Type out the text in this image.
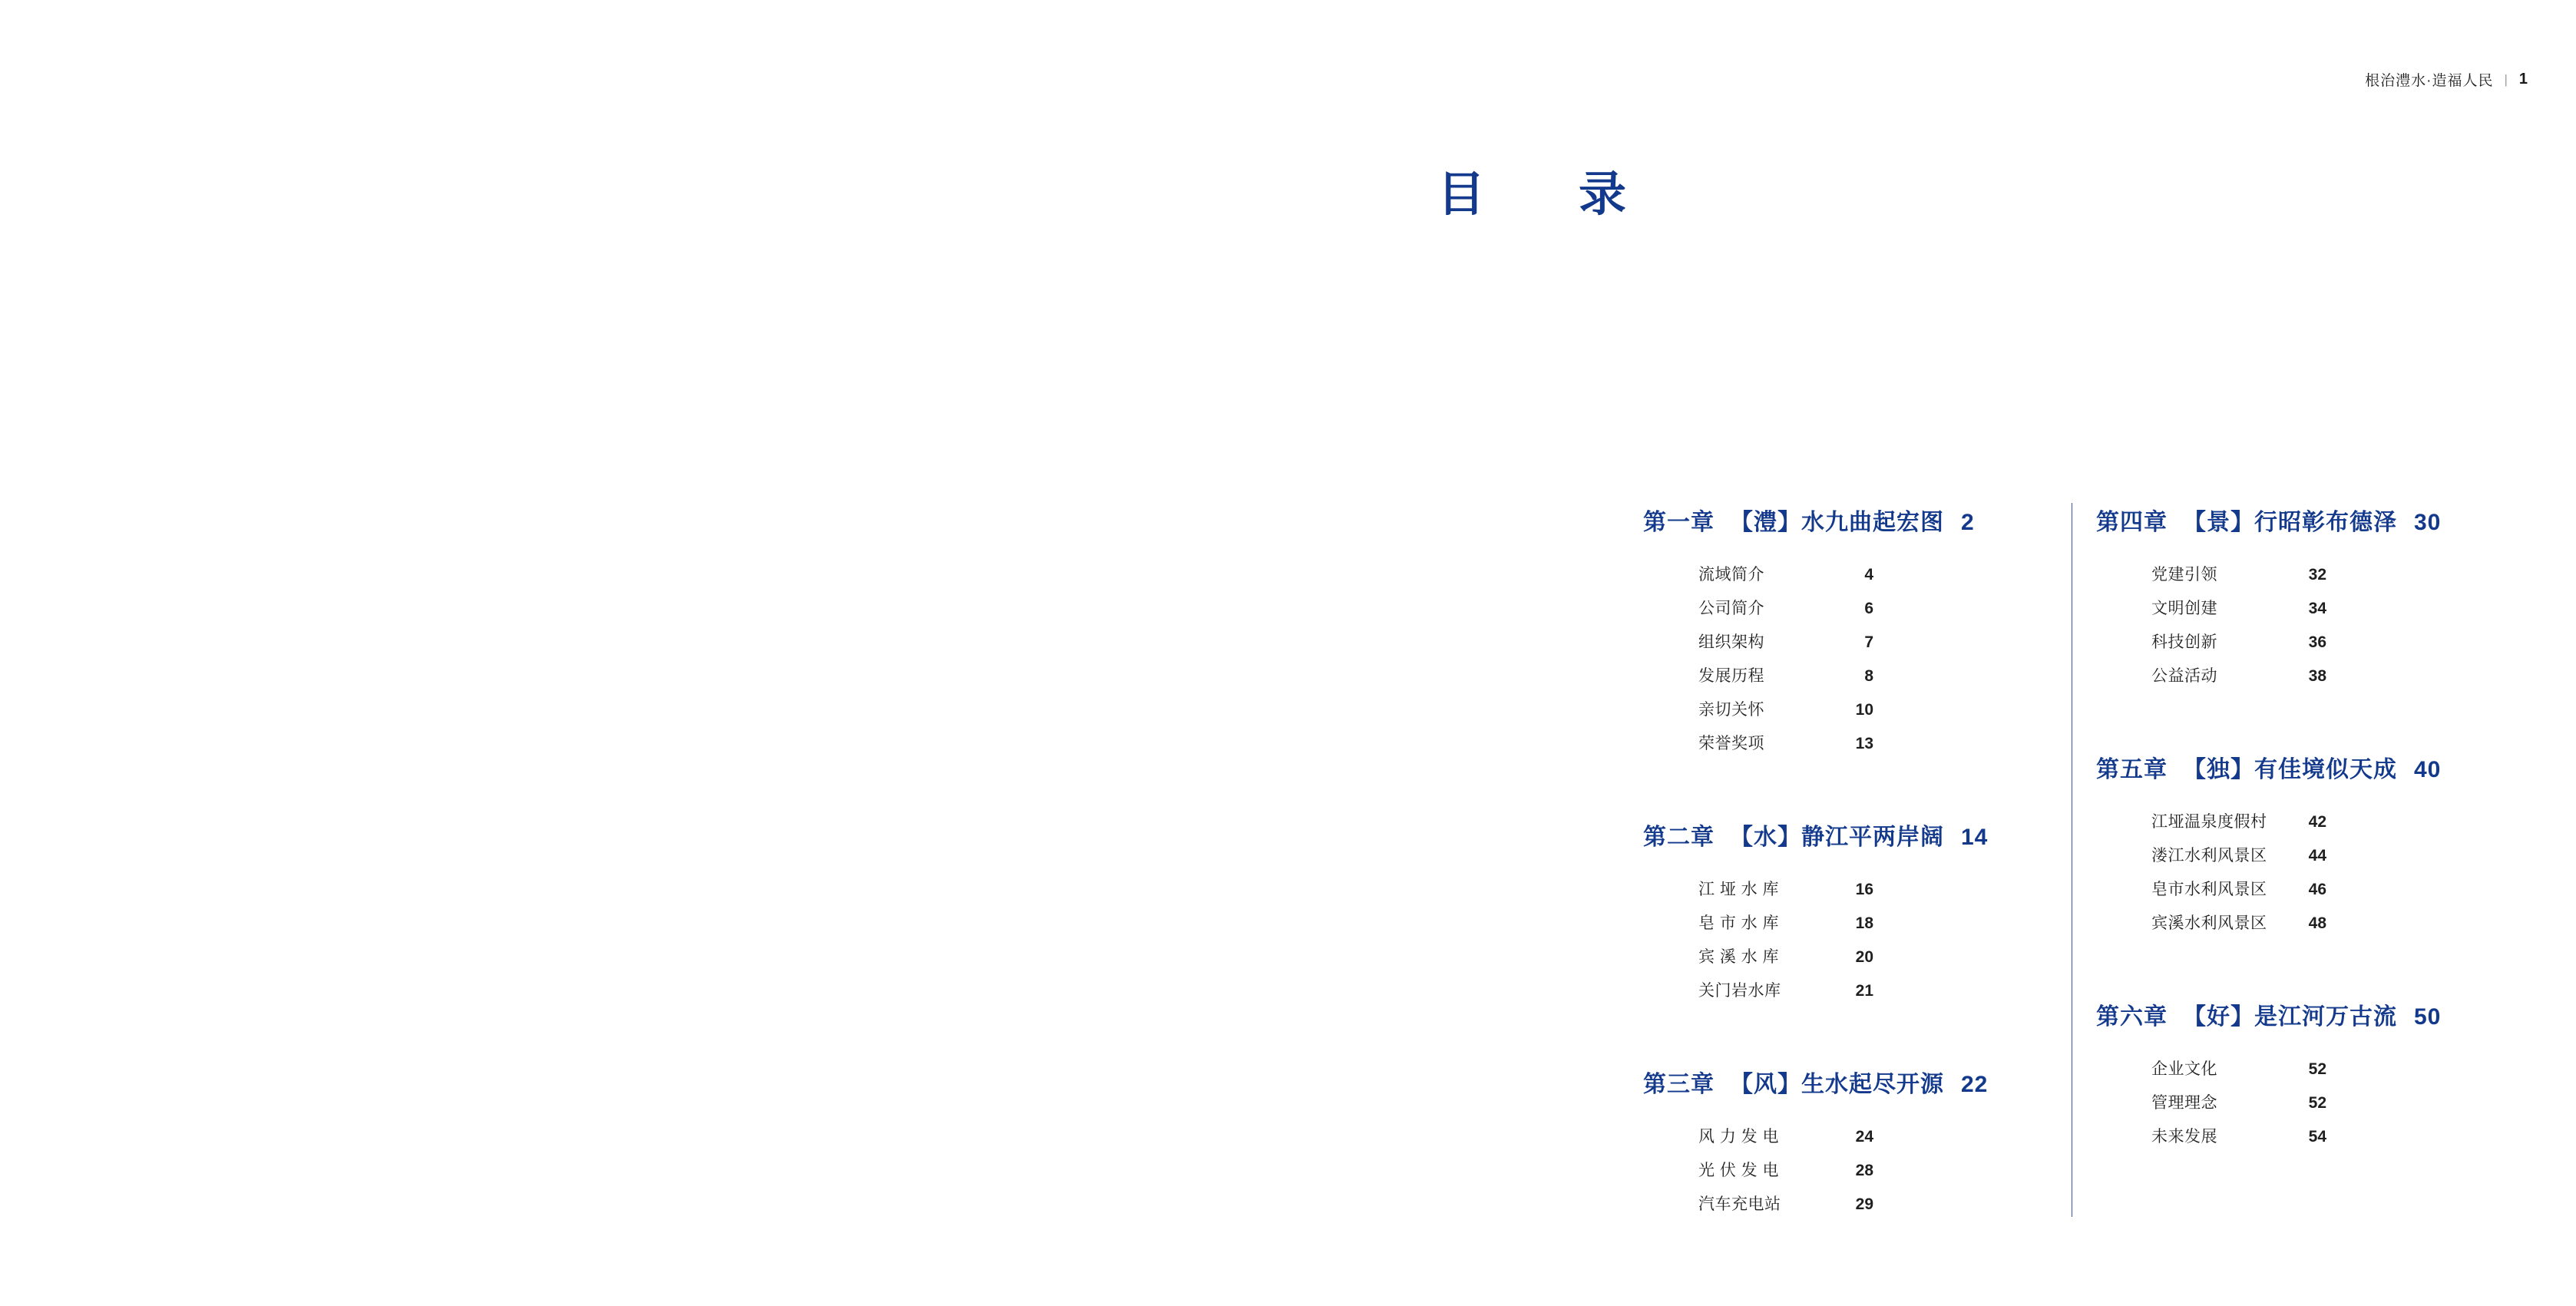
根治澧水·造福人民 | 1
目　录
第一章 【澧】水九曲起宏图 2
流域简介	4
公司简介	6
组织架构	7
发展历程	8
亲切关怀	10
荣誉奖项	13
第二章 【水】静江平两岸阔 14
江 垭 水 库	16
皂 市 水 库	18
宾 溪 水 库	20
关门岩水库	21
第三章 【风】生水起尽开源 22
风 力 发 电	24
光 伏 发 电	28
汽车充电站	29
第四章 【景】行昭彰布德泽 30
党建引领	32
文明创建	34
科技创新	36
公益活动	38
第五章 【独】有佳境似天成 40
江垭温泉度假村	42
溇江水利风景区	44
皂市水利风景区	46
宾溪水利风景区	48
第六章 【好】是江河万古流 50
企业文化	52
管理理念	52
未来发展	54
